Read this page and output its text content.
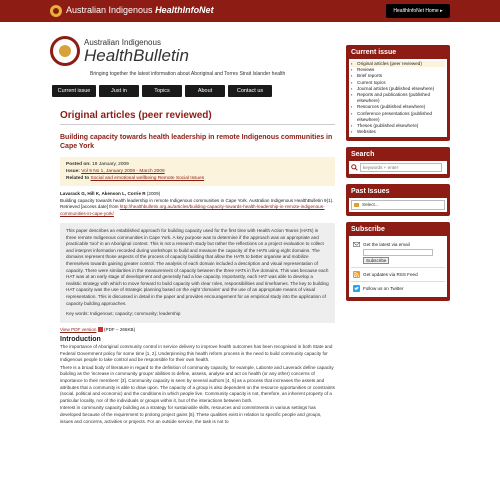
Australian Indigenous HealthInfoNet	HealthInfoNet Home ▸
Australian Indigenous
HealthBulletin
Bringing together the latest information about Aboriginal and Torres Strait Islander health
Current issue	Just in	Topics	About	Contact us
Original articles (peer reviewed)
Building capacity towards health leadership in remote Indigenous communities in Cape York
Posted on: 19 January, 2009
Issue: Vol 9 No 1, January 2009 - March 2009
Related to Social and emotional wellbeing Remote Social Issues
Lavarack G, Hill K, Akenson L, Corrie R (2009)
Building capacity towards health leadership in remote Indigenous communities in Cape York. Australian Indigenous HealthBulletin 9(1). Retrieved [access date] from http://healthbulletin.org.au/articles/building-capacity-towards-health-leadership-in-remote-indigenous-communities-in-cape-york/
This paper describes an established approach for building capacity used for the first time with Health Action Teams (HATs) in three remote Indigenous communities in Cape York. A key purpose was to determine if the approach was an appropriate and practicable 'tool' in an Aboriginal context. This is not a research study but rather the reflections on a project evaluation to collect and interpret information recorded during workshops to build and measure the capacity of the HATs using eight domains. The domains represent those aspects of the process of capacity building that allow the HATs to better organise and mobilize themselves towards gaining greater control. The analysis of each domain included a description and visual representation of capacity. There were similarities in the measurement of capacity between the three HATs in five domains. This was because each HAT was at an early stage of development and generally had a low capacity. Importantly, each HAT was able to develop a realistic strategy with which to move forward to build capacity with clear roles, responsibilities and timeframes. The key to building HAT capacity was the use of strategic planning based on the eight 'domains' and the use of an appropriate means of visual representation. This is discussed in detail in the paper and provides encouragement for an empirical study into the application of capacity building approaches.
Key words: Indigenous; capacity; community; leadership
View PDF version (PDF – 266KB)
Introduction

The importance of Aboriginal community control in service delivery to improve health outcomes has been recognised in both State and Federal Government policy for some time [1, 2]. Underpinning this health reform process is the need to build community capacity for Indigenous people to take control and be responsible for their own health.

There is a broad body of literature in regard to the definition of community capacity, for example, Labonte and Laverack define capacity building as the 'increase in community groups' abilities to define, assess, analyse and act on health (or any other) concerns of importance to their members' [3]. Community capacity is seen by several authors [4, 5] as a process that increases the assets and attributes that a community is able to draw upon. The capacity of a group is also dependent on the resource opportunities or constraints (social, political and economic) and the conditions in which people live. Community capacity is not, therefore, an inherent property of a particular locality, nor of the individuals or groups within it, but of the interactions between both.

Interest in community capacity building as a strategy for sustainable skills, resources and commitments in various settings has developed because of the requirement to prolong project gains [6]. These qualities exist in relation to specific people and groups, issues and concerns, activities or projects. For an outside service, the task is not to

Current issue
▪ Original articles (peer reviewed)
▪ Reviews
▪ Brief reports
▪ Current topics
▪ Journal articles (published elsewhere)
▪ Reports and publications (published elsewhere)
▪ Resources (published elsewhere)
▪ Conference presentations (published elsewhere)
▪ Theses (published elsewhere)
▪ Websites
Search
keywords + enter
Past Issues
Select...
Subscribe
Get the latest via email
Subscribe
Get updates via RSS Feed
Follow us on Twitter
